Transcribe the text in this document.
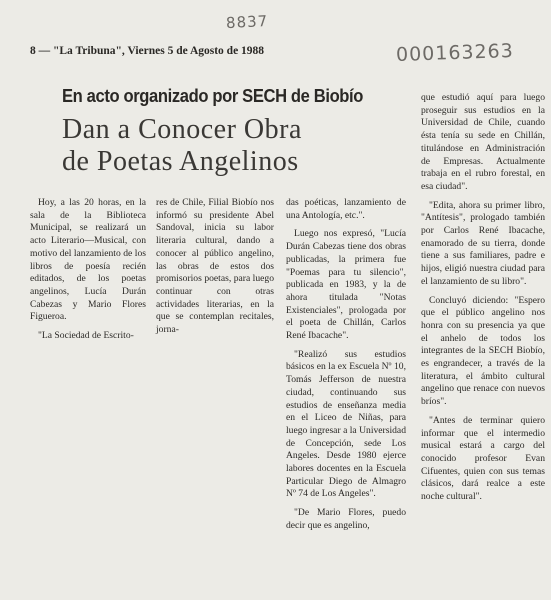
8837
000163263
8 — "La Tribuna", Viernes 5 de Agosto de 1988
En acto organizado por SECH de Biobío
Dan a Conocer Obra
de Poetas Angelinos

Hoy, a las 20 horas, en la sala de la Biblioteca Municipal, se realizará un acto Literario—Musical, con motivo del lanzamiento de los libros de poesía recién editados, de los poetas angelinos, Lucía Durán Cabezas y Mario Flores Figueroa.

"La Sociedad de Escrito-

res de Chile, Filial Biobío nos informó su presidente Abel Sandoval, inicia su labor literaria cultural, dando a conocer al público angelino, las obras de estos dos promisorios poetas, para luego continuar con otras actividades literarias, en la que se contemplan recitales, jorna-

das poéticas, lanzamiento de una Antología, etc.".

Luego nos expresó, "Lucía Durán Cabezas tiene dos obras publicadas, la primera fue "Poemas para tu silencio", publicada en 1983, y la de ahora titulada "Notas Existenciales", prologada por el poeta de Chillán, Carlos René Ibacache".

"Realizó sus estudios básicos en la ex Escuela Nº 10, Tomás Jefferson de nuestra ciudad, continuando sus estudios de enseñanza media en el Liceo de Niñas, para luego ingresar a la Universidad de Concepción, sede Los Angeles. Desde 1980 ejerce labores docentes en la Escuela Particular Diego de Almagro Nº 74 de Los Angeles".

"De Mario Flores, puedo decir que es angelino,

que estudió aquí para luego proseguir sus estudios en la Universidad de Chile, cuando ésta tenía su sede en Chillán, titulándose en Administración de Empresas. Actualmente trabaja en el rubro forestal, en esa ciudad".

"Edita, ahora su primer libro, "Antítesis", prologado también por Carlos René Ibacache, enamorado de su tierra, donde tiene a sus familiares, padre e hijos, eligió nuestra ciudad para el lanzamiento de su libro".

Concluyó diciendo: "Espero que el público angelino nos honra con su presencia ya que el anhelo de todos los integrantes de la SECH Biobío, es engrandecer, a través de la literatura, el ámbito cultural angelino que renace con nuevos bríos".

"Antes de terminar quiero informar que el intermedio musical estará a cargo del conocido profesor Evan Cifuentes, quien con sus temas clásicos, dará realce a este noche cultural".
